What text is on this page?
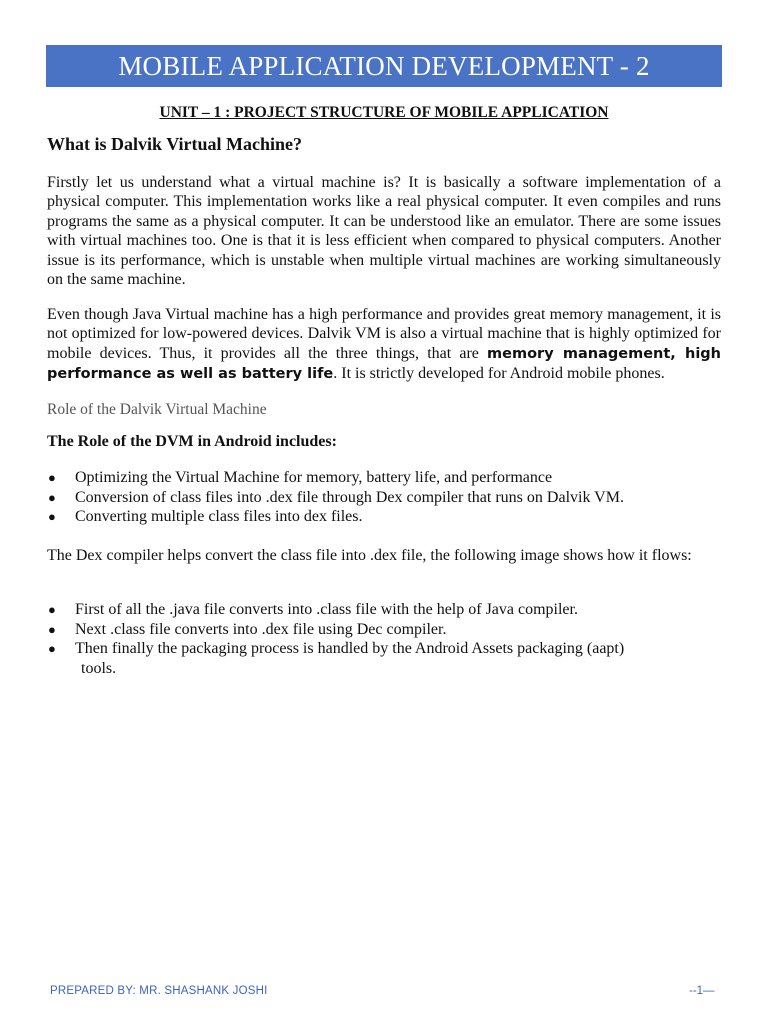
MOBILE APPLICATION DEVELOPMENT - 2
UNIT – 1 : PROJECT STRUCTURE OF MOBILE APPLICATION
What is Dalvik Virtual Machine?

Firstly let us understand what a virtual machine is? It is basically a software implementation of a physical computer. This implementation works like a real physical computer. It even compiles and runs programs the same as a physical computer. It can be understood like an emulator. There are some issues with virtual machines too. One is that it is less efficient when compared to physical computers. Another issue is its performance, which is unstable when multiple virtual machines are working simultaneously on the same machine.

Even though Java Virtual machine has a high performance and provides great memory management, it is not optimized for low-powered devices. Dalvik VM is also a virtual machine that is highly optimized for mobile devices. Thus, it provides all the three things, that are memory management, high performance as well as battery life. It is strictly developed for Android mobile phones.

Role of the Dalvik Virtual Machine
The Role of the DVM in Android includes:
● Optimizing the Virtual Machine for memory, battery life, and performance
● Conversion of class files into .dex file through Dex compiler that runs on Dalvik VM.
● Converting multiple class files into dex files.

The Dex compiler helps convert the class file into .dex file, the following image shows how it flows:

● First of all the .java file converts into .class file with the help of Java compiler.
● Next .class file converts into .dex file using Dec compiler.
● Then finally the packaging process is handled by the Android Assets packaging (aapt)
tools.
PREPARED BY: MR. SHASHANK JOSHI	--1—
